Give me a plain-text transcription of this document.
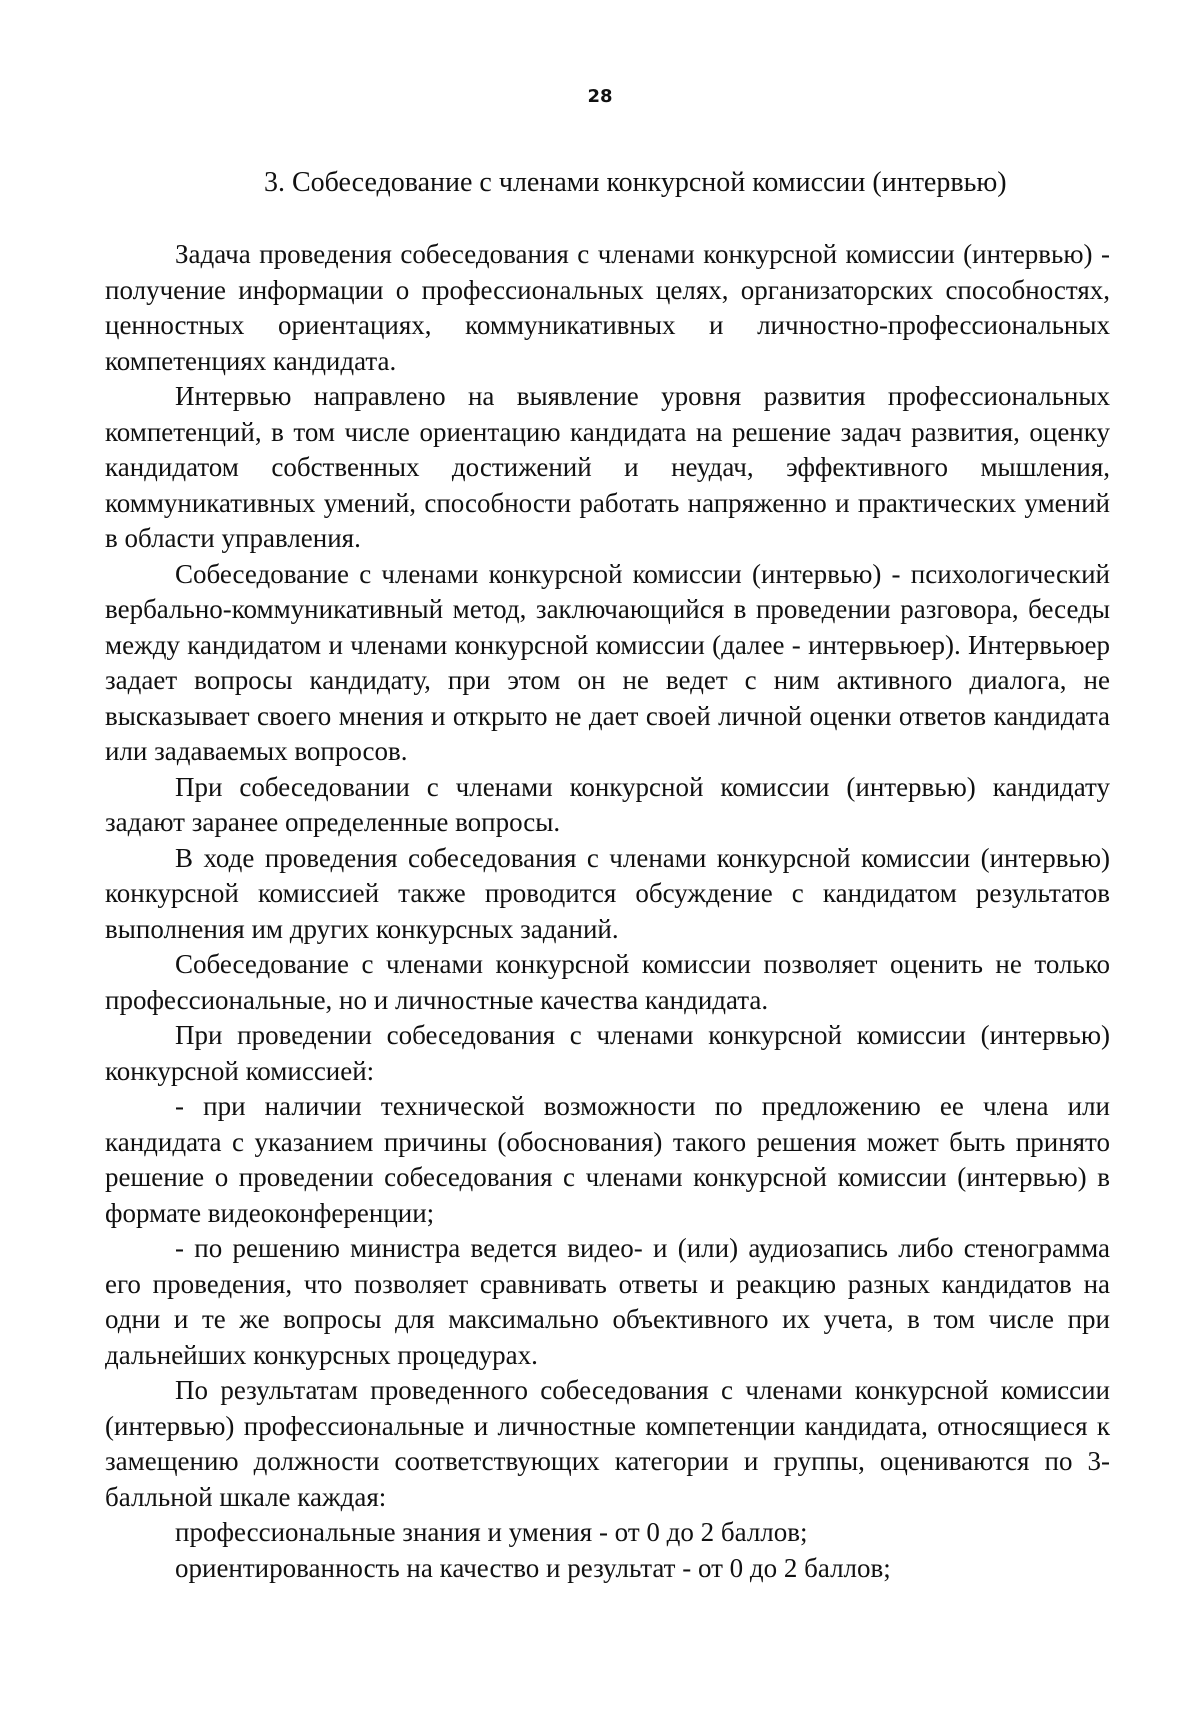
28
3. Собеседование с членами конкурсной комиссии (интервью)

Задача проведения собеседования с членами конкурсной комиссии (интервью) - получение информации о профессиональных целях, организаторских способностях, ценностных ориентациях, коммуникативных и личностно-профессиональных компетенциях кандидата.

Интервью направлено на выявление уровня развития профессиональных компетенций, в том числе ориентацию кандидата на решение задач развития, оценку кандидатом собственных достижений и неудач, эффективного мышления, коммуникативных умений, способности работать напряженно и практических умений в области управления.

Собеседование с членами конкурсной комиссии (интервью) - психологический вербально-коммуникативный метод, заключающийся в проведении разговора, беседы между кандидатом и членами конкурсной комиссии (далее - интервьюер). Интервьюер задает вопросы кандидату, при этом он не ведет с ним активного диалога, не высказывает своего мнения и открыто не дает своей личной оценки ответов кандидата или задаваемых вопросов.

При собеседовании с членами конкурсной комиссии (интервью) кандидату задают заранее определенные вопросы.

В ходе проведения собеседования с членами конкурсной комиссии (интервью) конкурсной комиссией также проводится обсуждение с кандидатом результатов выполнения им других конкурсных заданий.

Собеседование с членами конкурсной комиссии позволяет оценить не только профессиональные, но и личностные качества кандидата.

При проведении собеседования с членами конкурсной комиссии (интервью) конкурсной комиссией:

- при наличии технической возможности по предложению ее члена или кандидата с указанием причины (обоснования) такого решения может быть принято решение о проведении собеседования с членами конкурсной комиссии (интервью) в формате видеоконференции;

- по решению министра ведется видео- и (или) аудиозапись либо стенограмма его проведения, что позволяет сравнивать ответы и реакцию разных кандидатов на одни и те же вопросы для максимально объективного их учета, в том числе при дальнейших конкурсных процедурах.

По результатам проведенного собеседования с членами конкурсной комиссии (интервью) профессиональные и личностные компетенции кандидата, относящиеся к замещению должности соответствующих категории и группы, оцениваются по 3-балльной шкале каждая:

профессиональные знания и умения - от 0 до 2 баллов;

ориентированность на качество и результат - от 0 до 2 баллов;
